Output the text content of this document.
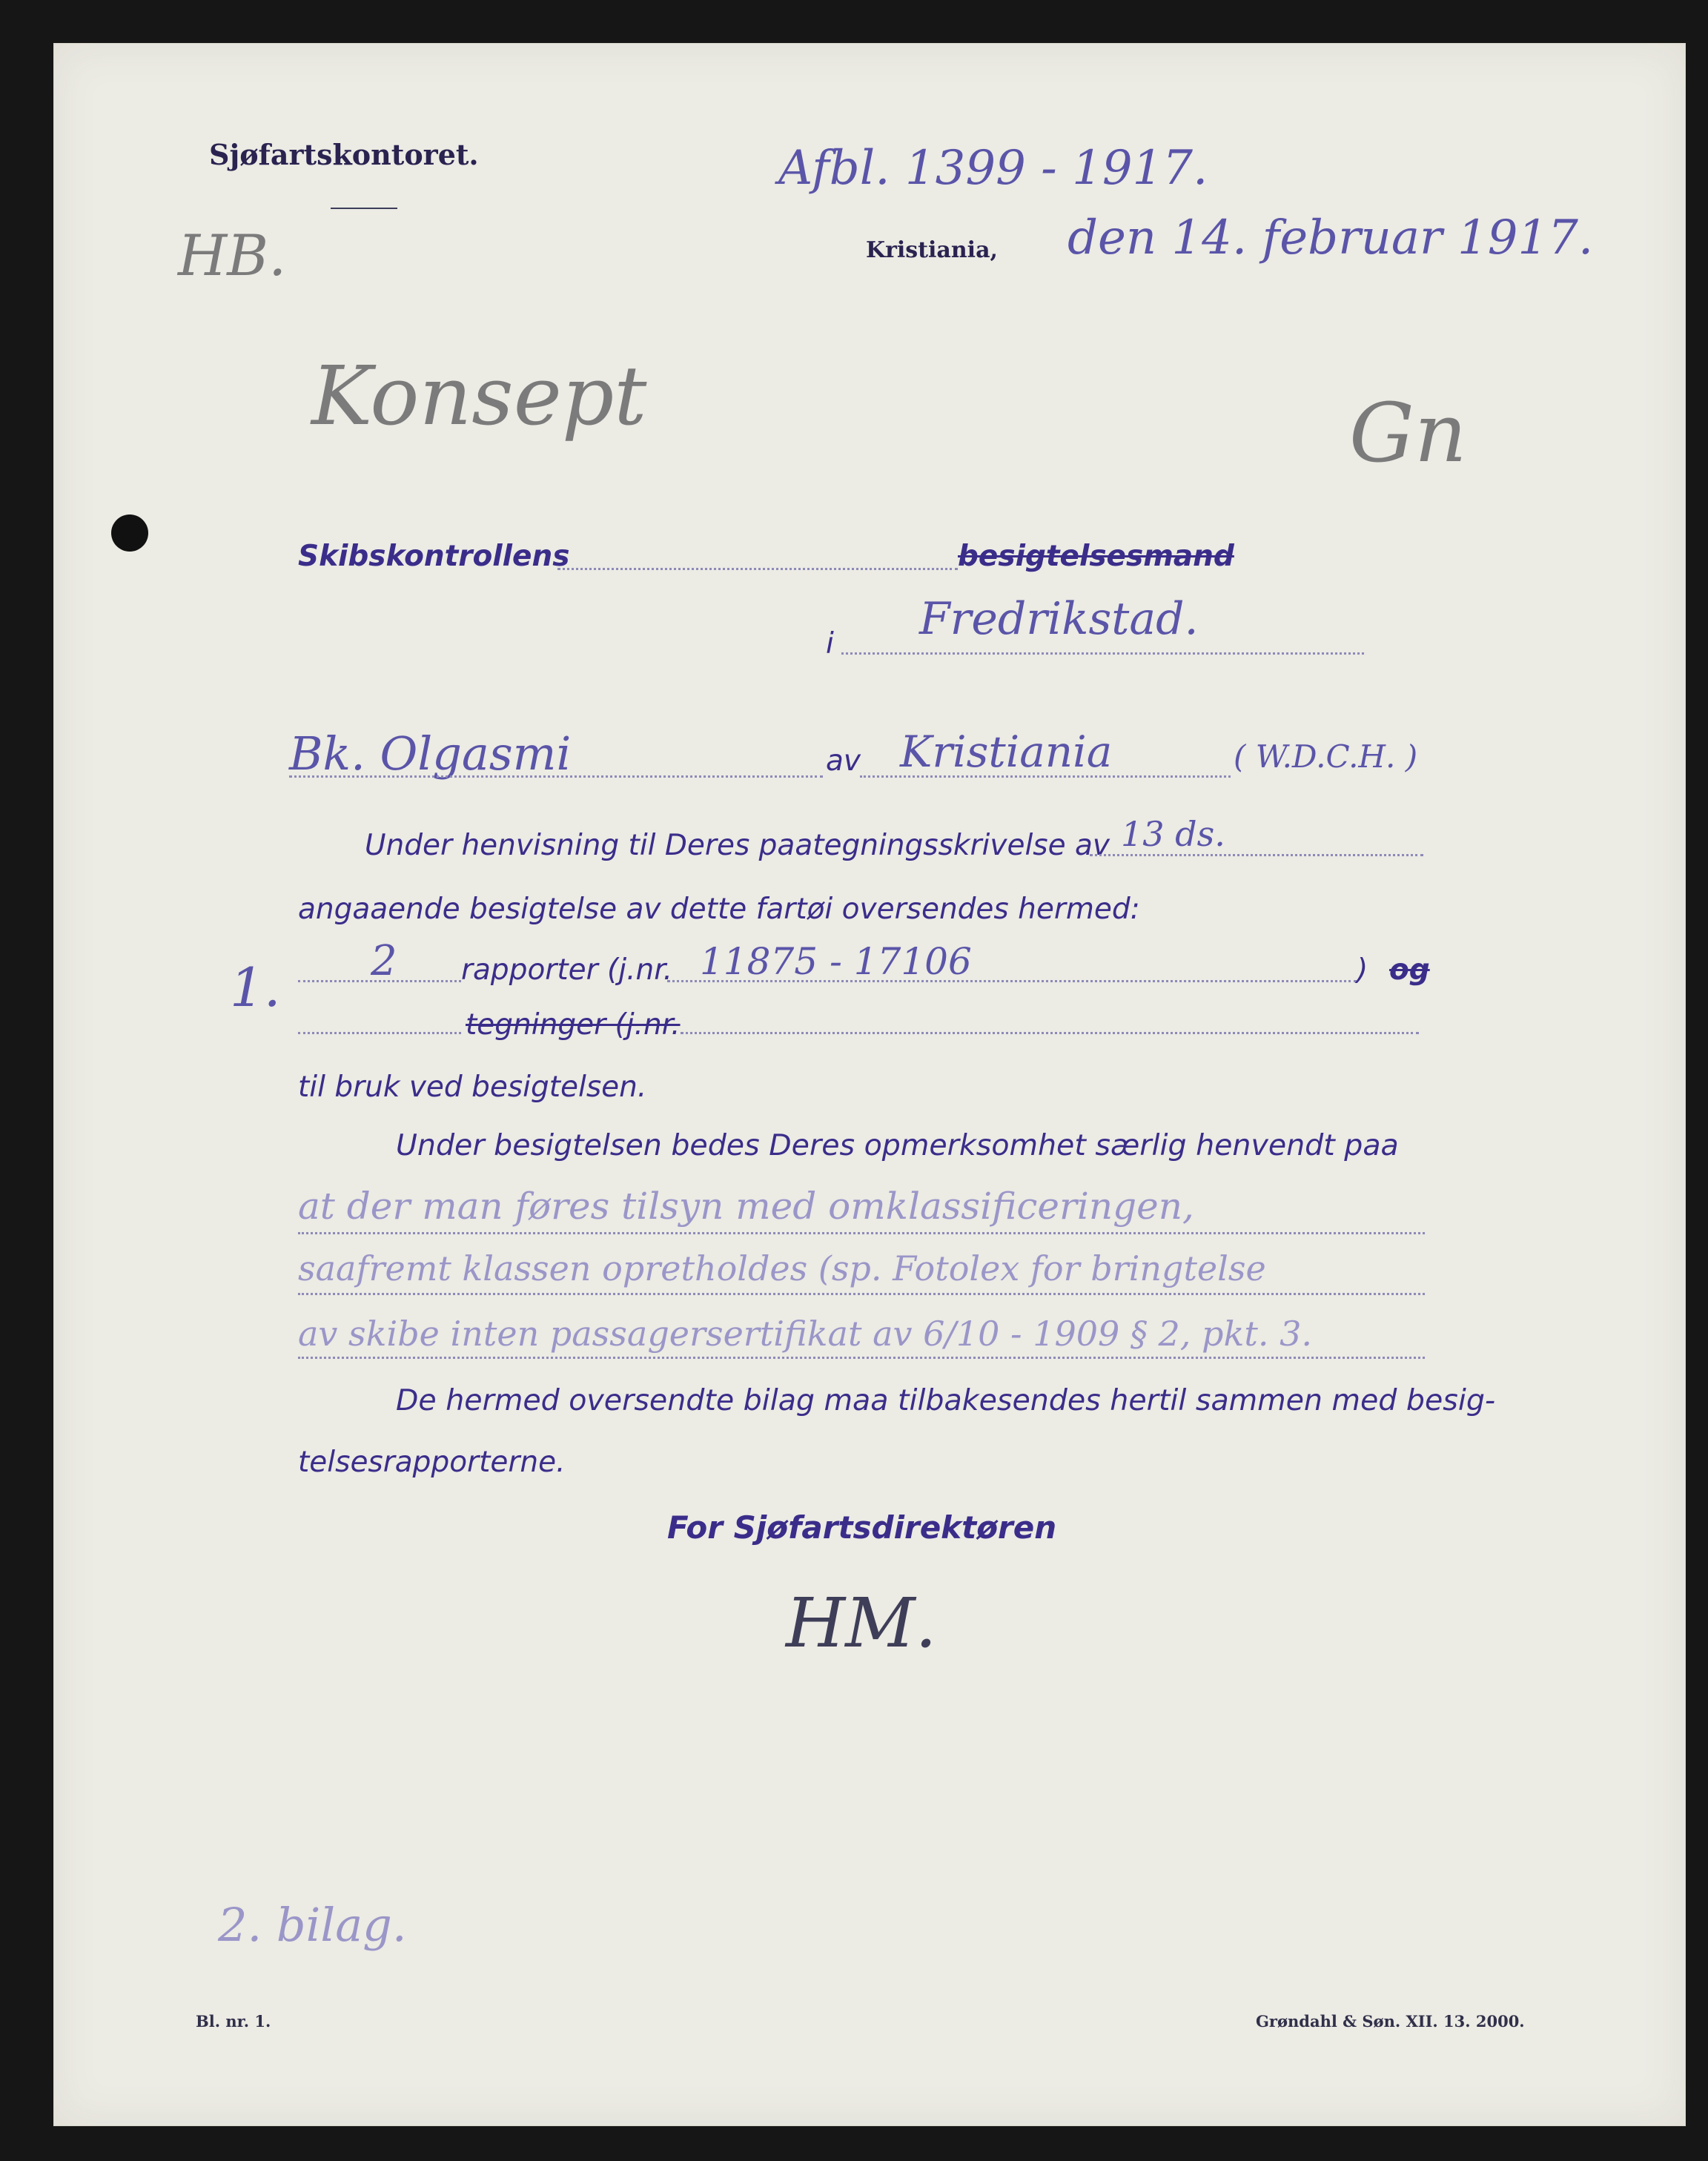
Sjøfartskontoret.	Afbl. 1399 - 1917.
Kristiania, den 14. februar 1917.
HB.
Konsept	Gn
Skibskontrollens	besigtelsesmand
i Fredrikstad.
Bk. Olgasmi	av Kristiania	( W.D.C.H. )
Under henvisning til Deres paategningsskrivelse av 13 ds.
angaaende besigtelse av dette fartøi oversendes hermed:
1. 2 rapporter (j.nr. 11875 - 17106	) og
tegninger (j.nr.
til bruk ved besigtelsen.
Under besigtelsen bedes Deres opmerksomhet særlig henvendt paa
at der man føres tilsyn med omklassificeringen,
saafremt klassen opretholdes (sp. Fotolex for bringtelse
av skibe inten passagersertifikat av 6/10 - 1909 § 2, pkt. 3.
De hermed oversendte bilag maa tilbakesendes hertil sammen med besig-
telsesrapporterne.
For Sjøfartsdirektøren
HM.
2. bilag.
Bl. nr. 1.	Grøndahl & Søn. XII. 13. 2000.
